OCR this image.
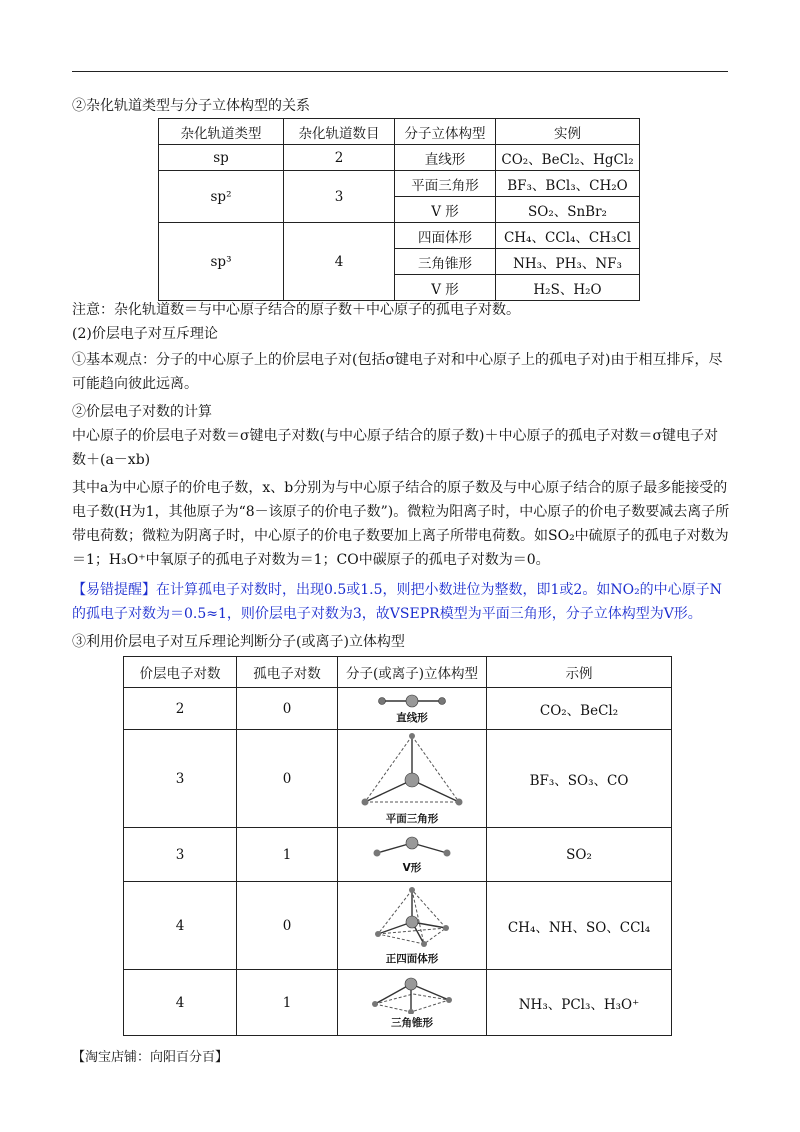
②杂化轨道类型与分子立体构型的关系

杂化轨道类型	杂化轨道数目	分子立体构型	实例
sp	2	直线形	CO₂、BeCl₂、HgCl₂
sp²	3	平面三角形	BF₃、BCl₃、CH₂O
		V 形	SO₂、SnBr₂
sp³	4	四面体形	CH₄、CCl₄、CH₃Cl
		三角锥形	NH₃、PH₃、NF₃
		V 形	H₂S、H₂O

注意：杂化轨道数＝与中心原子结合的原子数＋中心原子的孤电子对数。

(2)价层电子对互斥理论

①基本观点：分子的中心原子上的价层电子对(包括σ键电子对和中心原子上的孤电子对)由于相互排斥，尽可能趋向彼此远离。

②价层电子对数的计算

中心原子的价层电子对数＝σ键电子对数(与中心原子结合的原子数)＋中心原子的孤电子对数＝σ键电子对数＋(a－xb)

其中a为中心原子的价电子数，x、b分别为与中心原子结合的原子数及与中心原子结合的原子最多能接受的电子数(H为1，其他原子为“8－该原子的价电子数”)。微粒为阳离子时，中心原子的价电子数要减去离子所带电荷数；微粒为阴离子时，中心原子的价电子数要加上离子所带电荷数。如SO₂中硫原子的孤电子对数为＝1；H₃O⁺中氧原子的孤电子对数为＝1；CO中碳原子的孤电子对数为＝0。

【易错提醒】在计算孤电子对数时，出现0.5或1.5，则把小数进位为整数，即1或2。如NO₂的中心原子N的孤电子对数为＝0.5≈1，则价层电子对数为3，故VSEPR模型为平面三角形，分子立体构型为V形。

③利用价层电子对互斥理论判断分子(或离子)立体构型

价层电子对数	孤电子对数	分子(或离子)立体构型	示例
2	0	直线形	CO₂、BeCl₂
3	0	平面三角形	BF₃、SO₃、CO
3	1	V形	SO₂
4	0	正四面体形	CH₄、NH、SO、CCl₄
4	1	三角锥形	NH₃、PCl₃、H₃O⁺
【淘宝店铺：向阳百分百】
